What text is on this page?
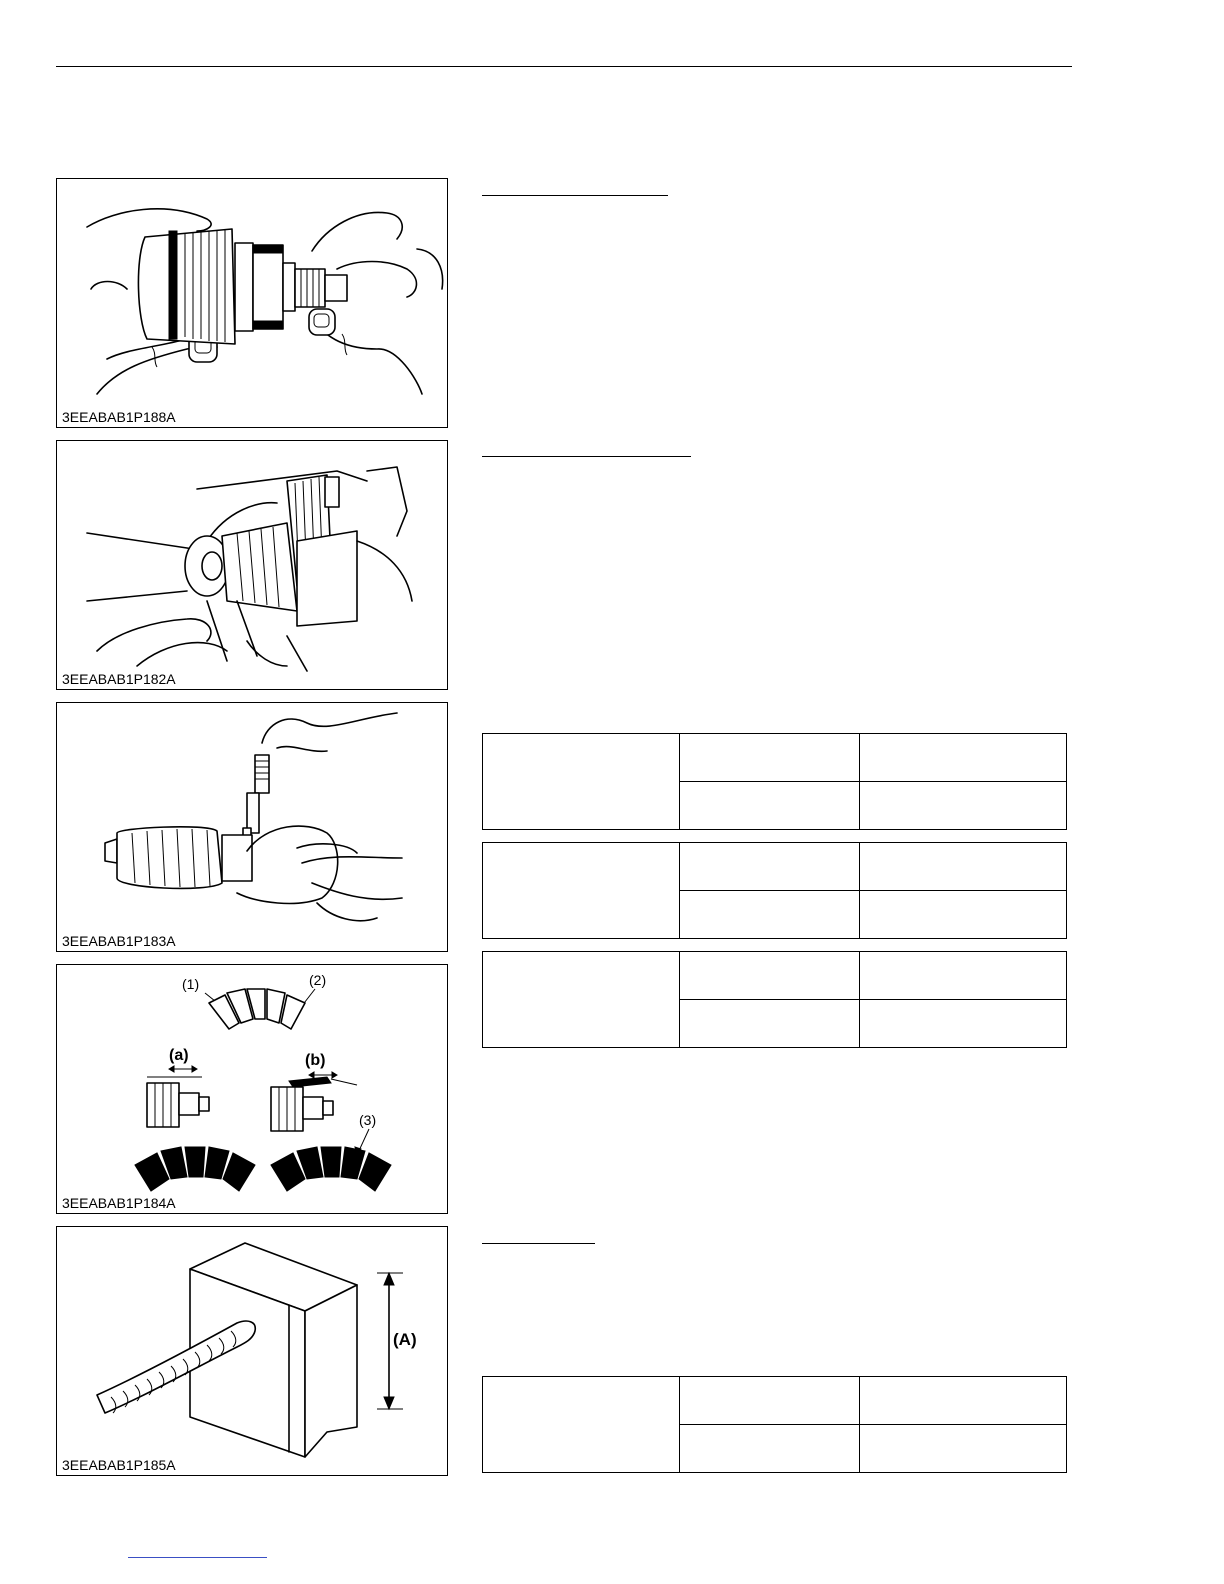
3EEABAB1P188A
3EEABAB1P182A
3EEABAB1P183A
(1)	(2)
(a)	(b)
(3)
3EEABAB1P184A
(A)
3EEABAB1P185A
